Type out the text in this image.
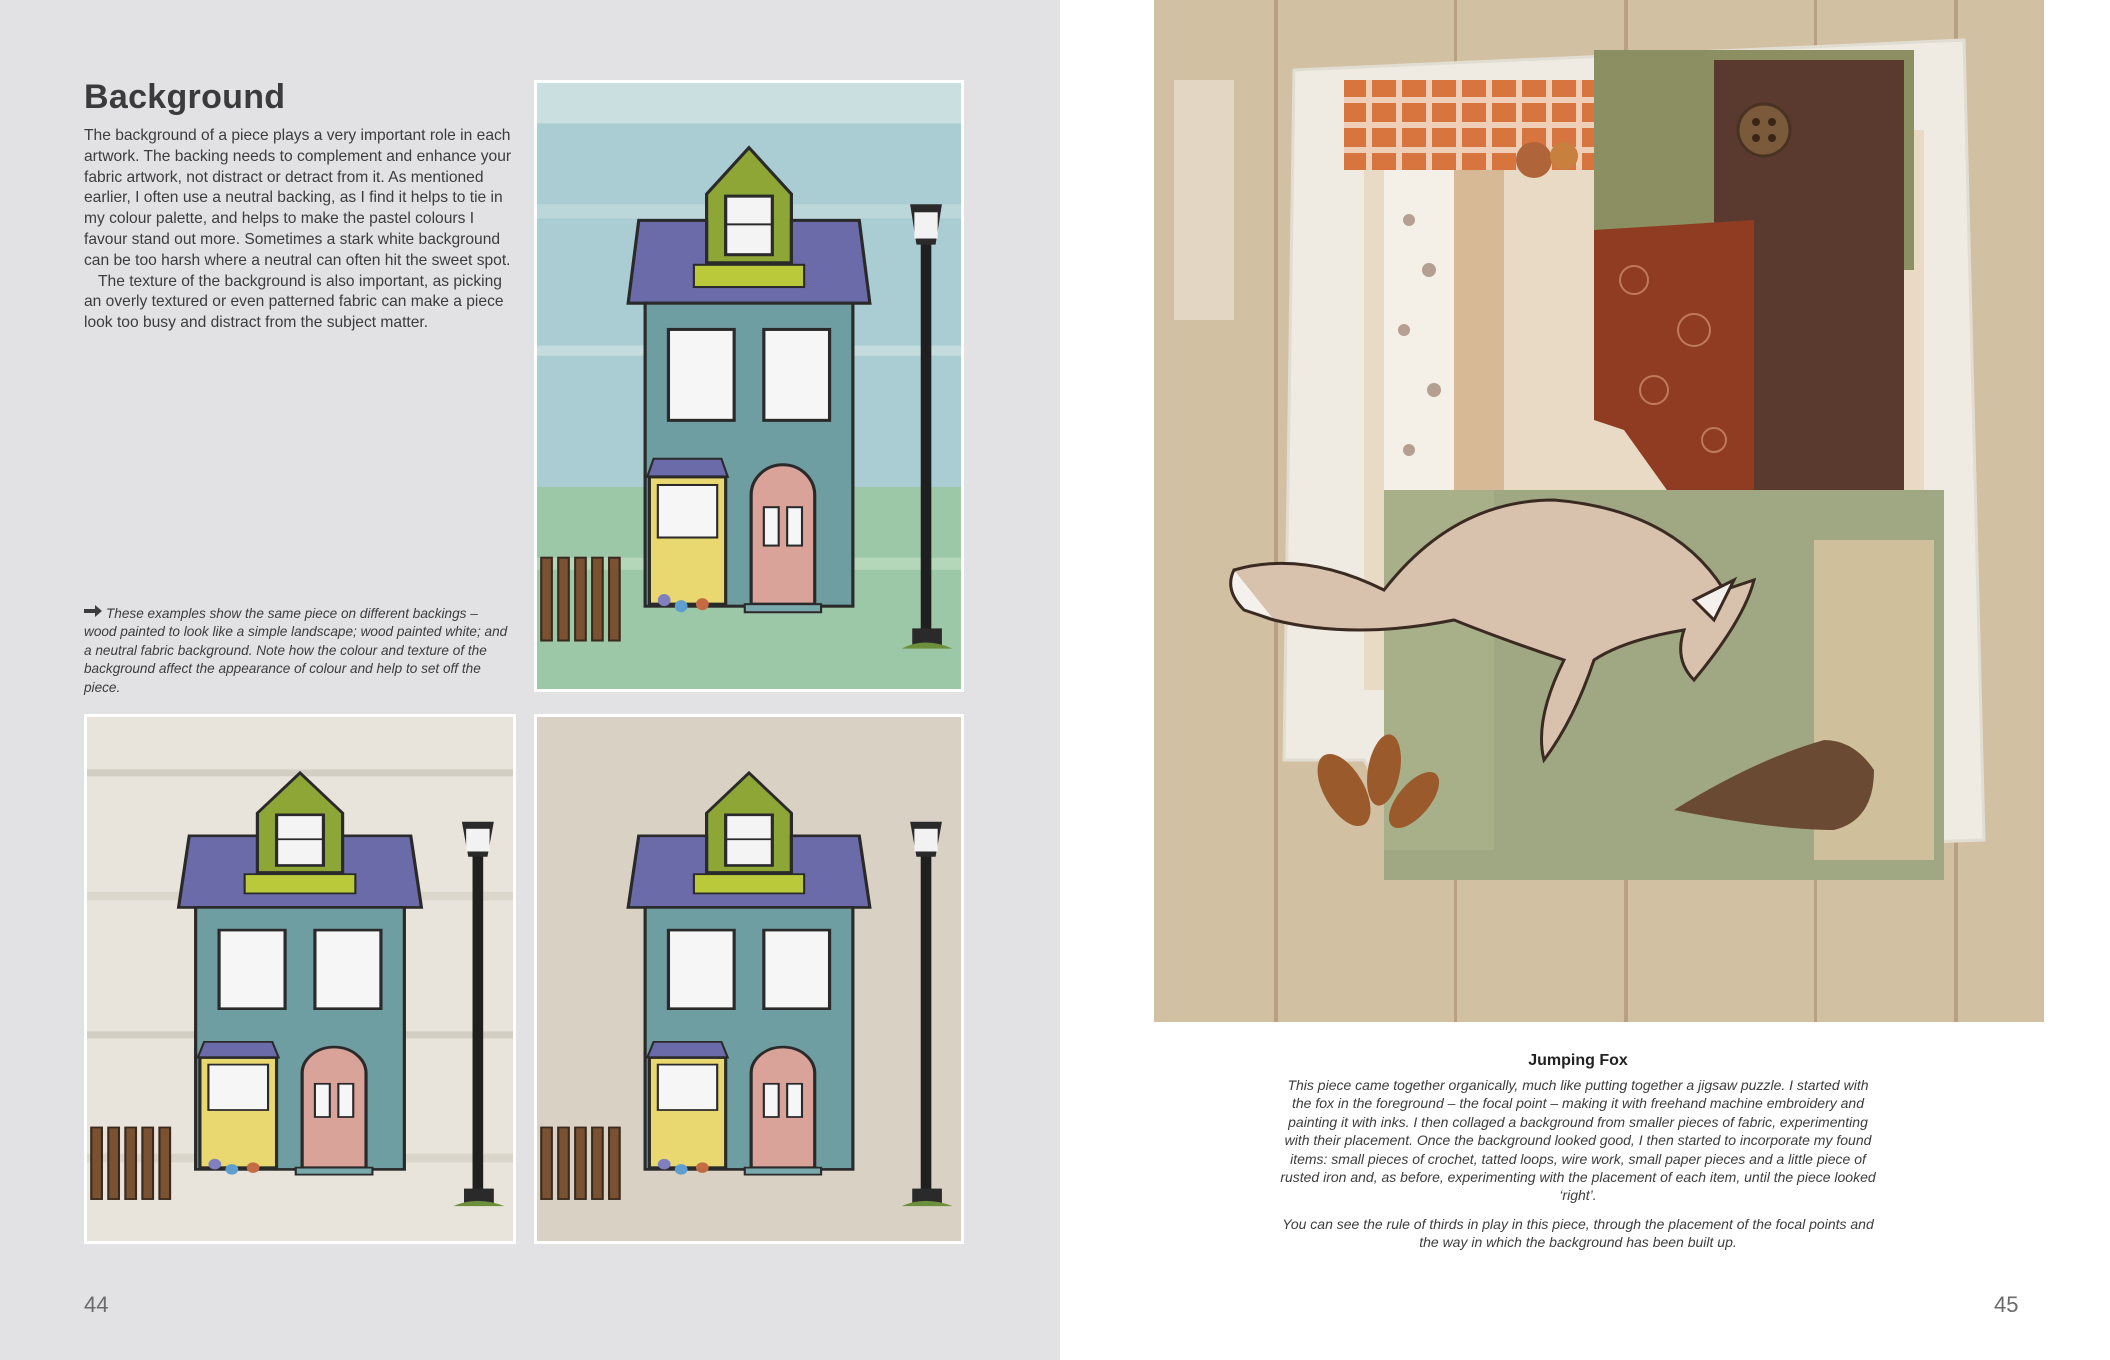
Background

The background of a piece plays a very important role in each artwork. The backing needs to complement and enhance your fabric artwork, not distract or detract from it. As mentioned earlier, I often use a neutral backing, as I find it helps to tie in my colour palette, and helps to make the pastel colours I favour stand out more. Sometimes a stark white background can be too harsh where a neutral can often hit the sweet spot.

The texture of the background is also important, as picking an overly textured or even patterned fabric can make a piece look too busy and distract from the subject matter.

These examples show the same piece on different backings – wood painted to look like a simple landscape; wood painted white; and a neutral fabric background. Note how the colour and texture of the background affect the appearance of colour and help to set off the piece.
44
Jumping Fox

This piece came together organically, much like putting together a jigsaw puzzle. I started with the fox in the foreground – the focal point – making it with freehand machine embroidery and painting it with inks. I then collaged a background from smaller pieces of fabric, experimenting with their placement. Once the background looked good, I then started to incorporate my found items: small pieces of crochet, tatted loops, wire work, small paper pieces and a little piece of rusted iron and, as before, experimenting with the placement of each item, until the piece looked ‘right’.

You can see the rule of thirds in play in this piece, through the placement of the focal points and the way in which the background has been built up.

45
